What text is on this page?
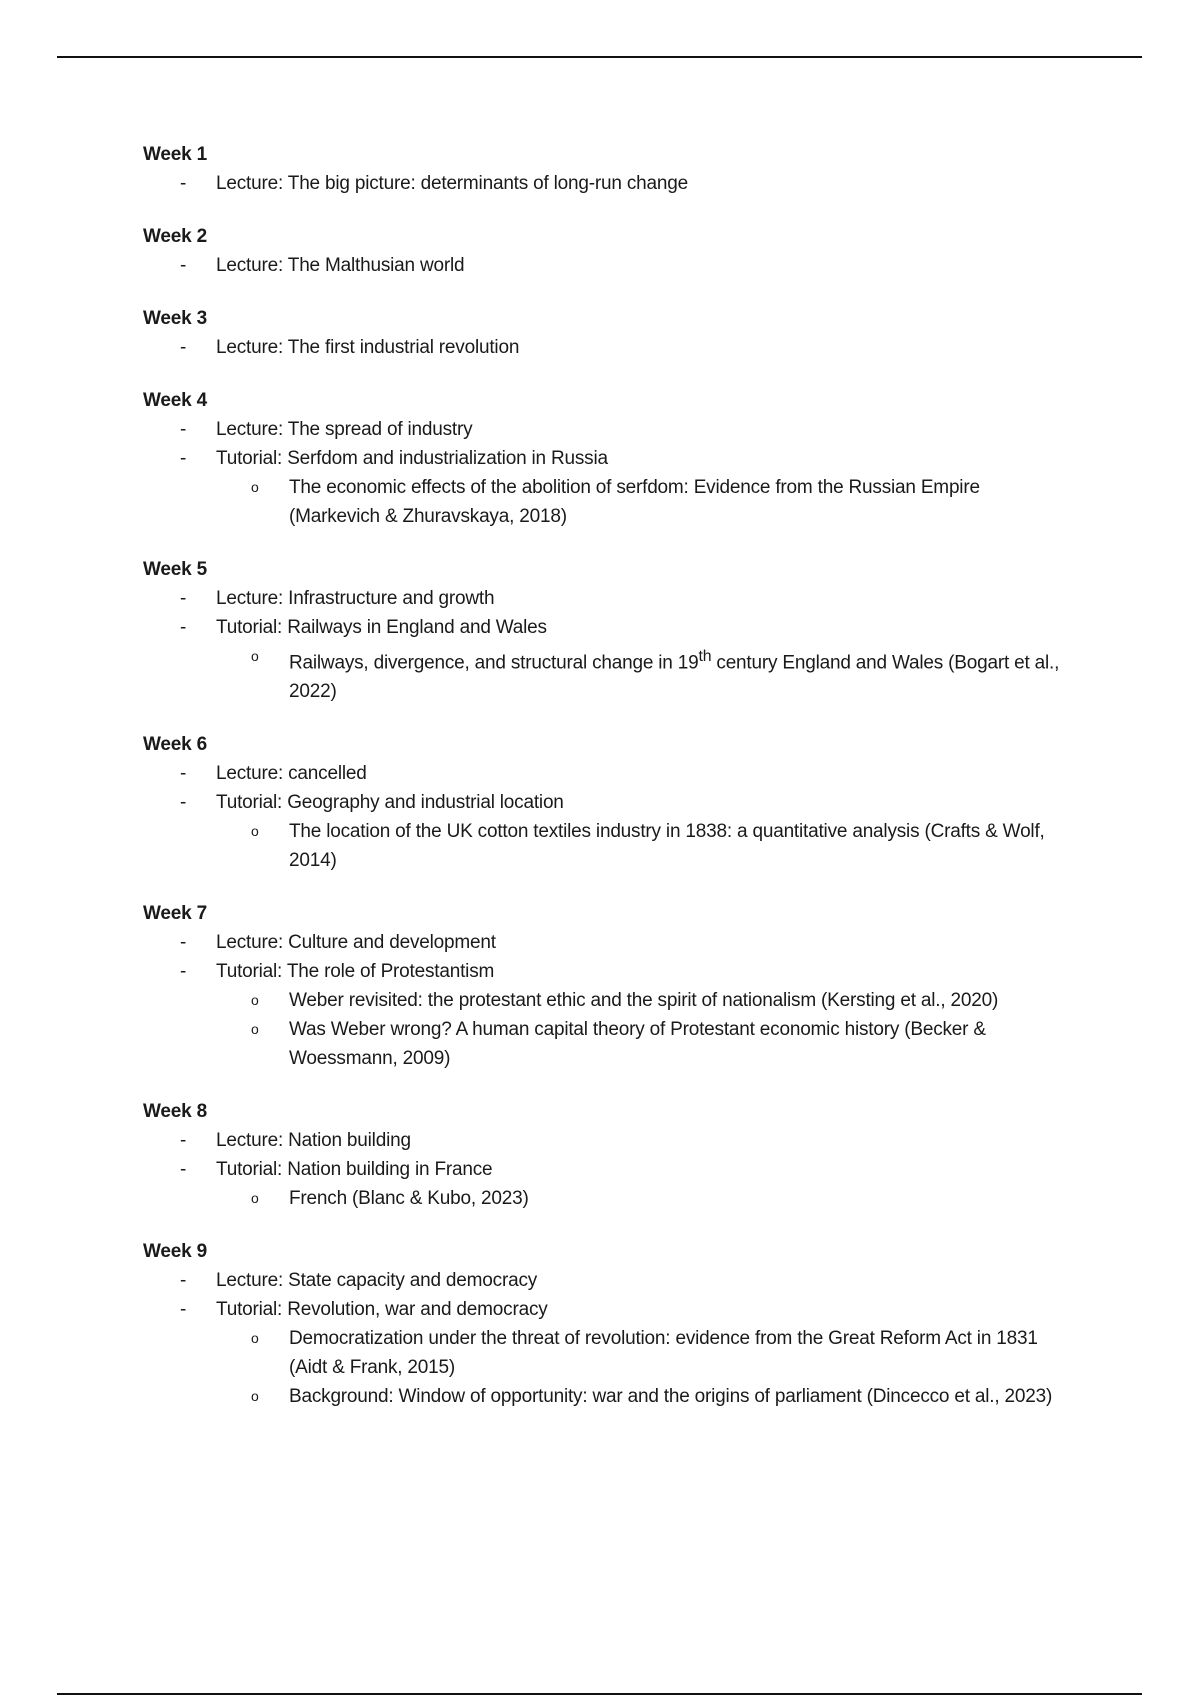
Week 1
- Lecture: The big picture: determinants of long-run change
Week 2
- Lecture: The Malthusian world
Week 3
- Lecture: The first industrial revolution
Week 4
- Lecture: The spread of industry
- Tutorial: Serfdom and industrialization in Russia
o The economic effects of the abolition of serfdom: Evidence from the Russian Empire (Markevich & Zhuravskaya, 2018)
Week 5
- Lecture: Infrastructure and growth
- Tutorial: Railways in England and Wales
o Railways, divergence, and structural change in 19th century England and Wales (Bogart et al., 2022)
Week 6
- Lecture: cancelled
- Tutorial: Geography and industrial location
o The location of the UK cotton textiles industry in 1838: a quantitative analysis (Crafts & Wolf, 2014)
Week 7
- Lecture: Culture and development
- Tutorial: The role of Protestantism
o Weber revisited: the protestant ethic and the spirit of nationalism (Kersting et al., 2020)
o Was Weber wrong? A human capital theory of Protestant economic history (Becker & Woessmann, 2009)
Week 8
- Lecture: Nation building
- Tutorial: Nation building in France
o French (Blanc & Kubo, 2023)
Week 9
- Lecture: State capacity and democracy
- Tutorial: Revolution, war and democracy
o Democratization under the threat of revolution: evidence from the Great Reform Act in 1831 (Aidt & Frank, 2015)
o Background: Window of opportunity: war and the origins of parliament (Dincecco et al., 2023)
